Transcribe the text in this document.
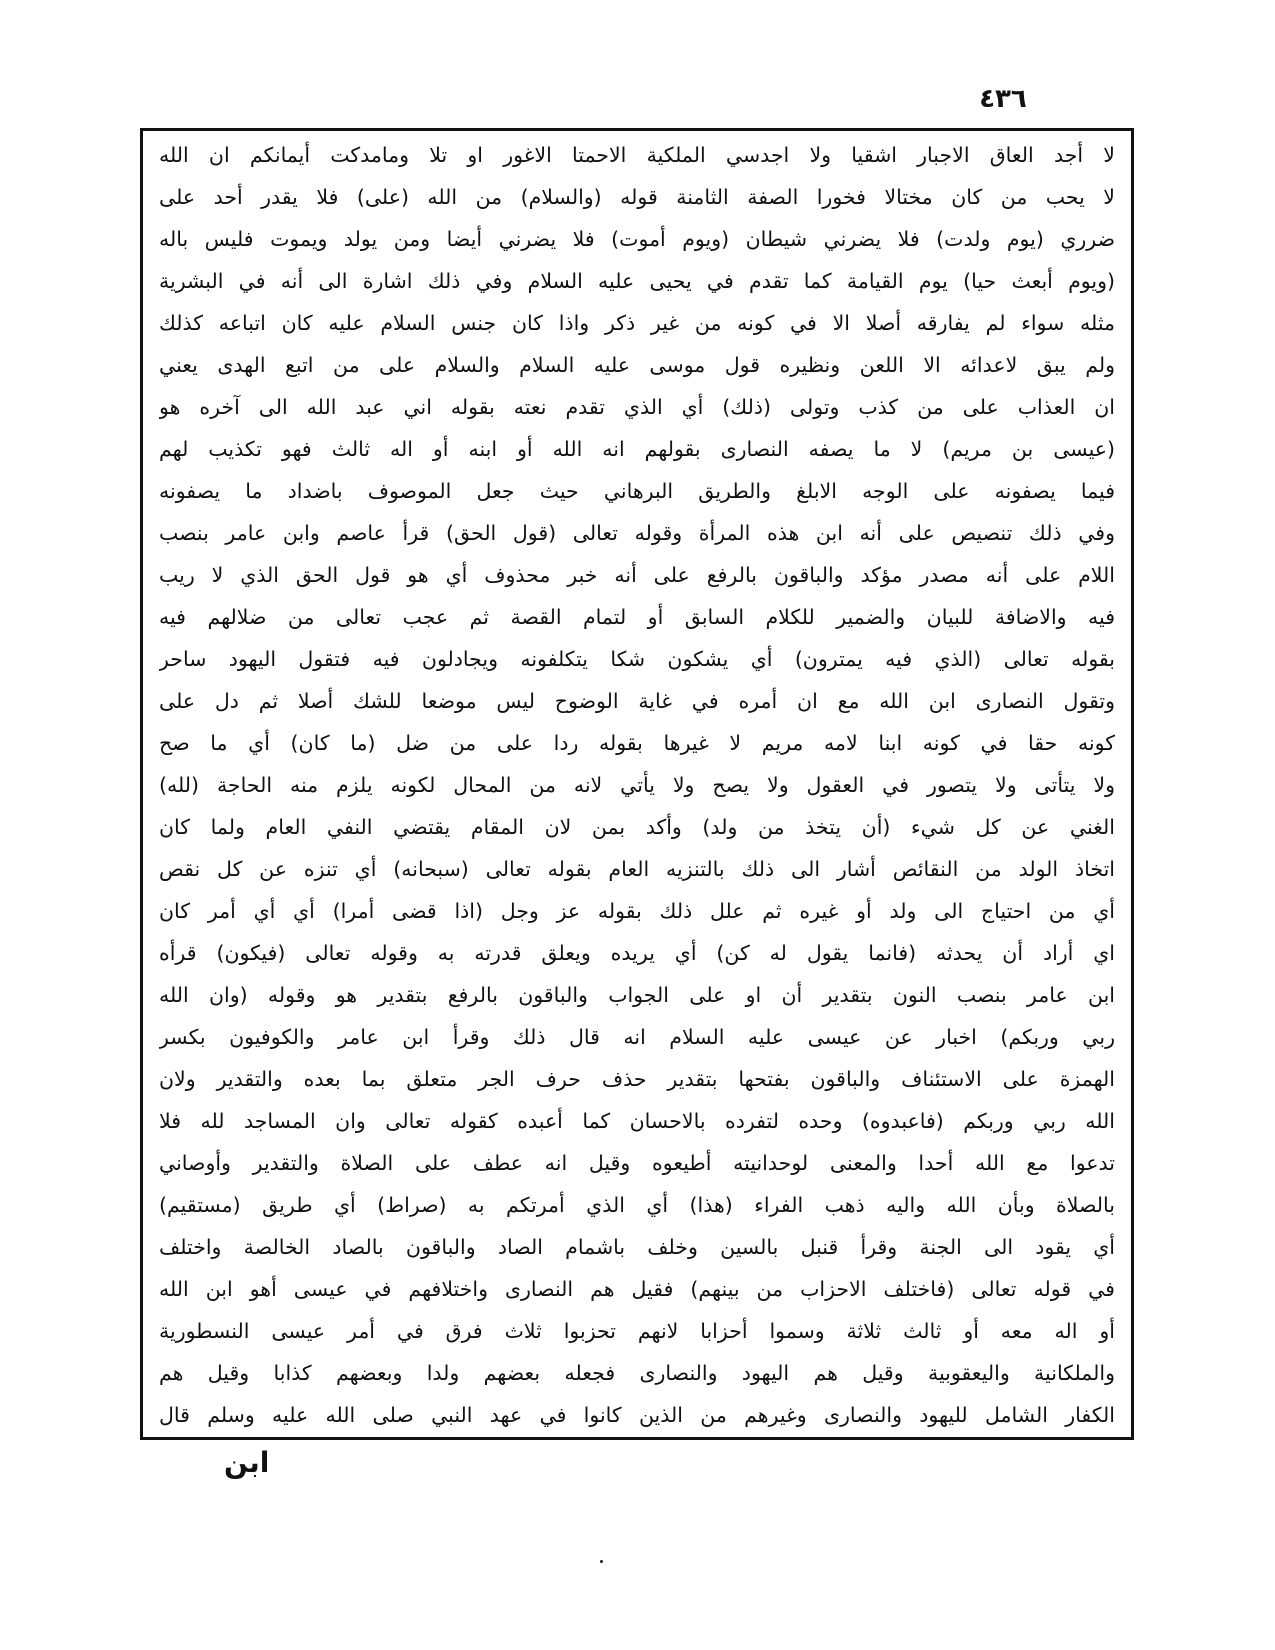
٤٣٦
لا أجد العاق الاجبار اشقيا ولا اجدسي الملكية الاحمتا الاغور او تلا ومامدكت أيمانكم ان الله
لا يحب من كان مختالا فخورا الصفة الثامنة قوله (والسلام) من الله (على) فلا يقدر أحد على
ضرري (يوم ولدت) فلا يضرني شيطان (ويوم أموت) فلا يضرني أيضا ومن يولد ويموت فليس باله
(ويوم أبعث حيا) يوم القيامة كما تقدم في يحيى عليه السلام وفي ذلك اشارة الى أنه في البشرية
مثله سواء لم يفارقه أصلا الا في كونه من غير ذكر واذا كان جنس السلام عليه كان اتباعه كذلك
ولم يبق لاعدائه الا اللعن ونظيره قول موسى عليه السلام والسلام على من اتبع الهدى يعني
ان العذاب على من كذب وتولى (ذلك) أي الذي تقدم نعته بقوله اني عبد الله الى آخره هو
(عيسى بن مريم) لا ما يصفه النصارى بقولهم انه الله أو ابنه أو اله ثالث فهو تكذيب لهم
فيما يصفونه على الوجه الابلغ والطريق البرهاني حيث جعل الموصوف باضداد ما يصفونه
وفي ذلك تنصيص على أنه ابن هذه المرأة وقوله تعالى (قول الحق) قرأ عاصم وابن عامر بنصب
اللام على أنه مصدر مؤكد والباقون بالرفع على أنه خبر محذوف أي هو قول الحق الذي لا ريب
فيه والاضافة للبيان والضمير للكلام السابق أو لتمام القصة ثم عجب تعالى من ضلالهم فيه
بقوله تعالى (الذي فيه يمترون) أي يشكون شكا يتكلفونه ويجادلون فيه فتقول اليهود ساحر
وتقول النصارى ابن الله مع ان أمره في غاية الوضوح ليس موضعا للشك أصلا ثم دل على
كونه حقا في كونه ابنا لامه مريم لا غيرها بقوله ردا على من ضل (ما كان) أي ما صح
ولا يتأتى ولا يتصور في العقول ولا يصح ولا يأتي لانه من المحال لكونه يلزم منه الحاجة (لله)
الغني عن كل شيء (أن يتخذ من ولد) وأكد بمن لان المقام يقتضي النفي العام ولما كان
اتخاذ الولد من النقائص أشار الى ذلك بالتنزيه العام بقوله تعالى (سبحانه) أي تنزه عن كل نقص
أي من احتياج الى ولد أو غيره ثم علل ذلك بقوله عز وجل (اذا قضى أمرا) أي أي أمر كان
اي أراد أن يحدثه (فانما يقول له كن) أي يريده ويعلق قدرته به وقوله تعالى (فيكون) قرأه
ابن عامر بنصب النون بتقدير أن او على الجواب والباقون بالرفع بتقدير هو وقوله (وان الله
ربي وربكم) اخبار عن عيسى عليه السلام انه قال ذلك وقرأ ابن عامر والكوفيون بكسر
الهمزة على الاستئناف والباقون بفتحها بتقدير حذف حرف الجر متعلق بما بعده والتقدير ولان
الله ربي وربكم (فاعبدوه) وحده لتفرده بالاحسان كما أعبده كقوله تعالى وان المساجد لله فلا
تدعوا مع الله أحدا والمعنى لوحدانيته أطيعوه وقيل انه عطف على الصلاة والتقدير وأوصاني
بالصلاة وبأن الله واليه ذهب الفراء (هذا) أي الذي أمرتكم به (صراط) أي طريق (مستقيم)
أي يقود الى الجنة وقرأ قنبل بالسين وخلف باشمام الصاد والباقون بالصاد الخالصة واختلف
في قوله تعالى (فاختلف الاحزاب من بينهم) فقيل هم النصارى واختلافهم في عيسى أهو ابن الله
أو اله معه أو ثالث ثلاثة وسموا أحزابا لانهم تحزبوا ثلاث فرق في أمر عيسى النسطورية
والملكانية واليعقوبية وقيل هم اليهود والنصارى فجعله بعضهم ولدا وبعضهم كذابا وقيل هم
الكفار الشامل لليهود والنصارى وغيرهم من الذين كانوا في عهد النبي صلى الله عليه وسلم قال
ابن
